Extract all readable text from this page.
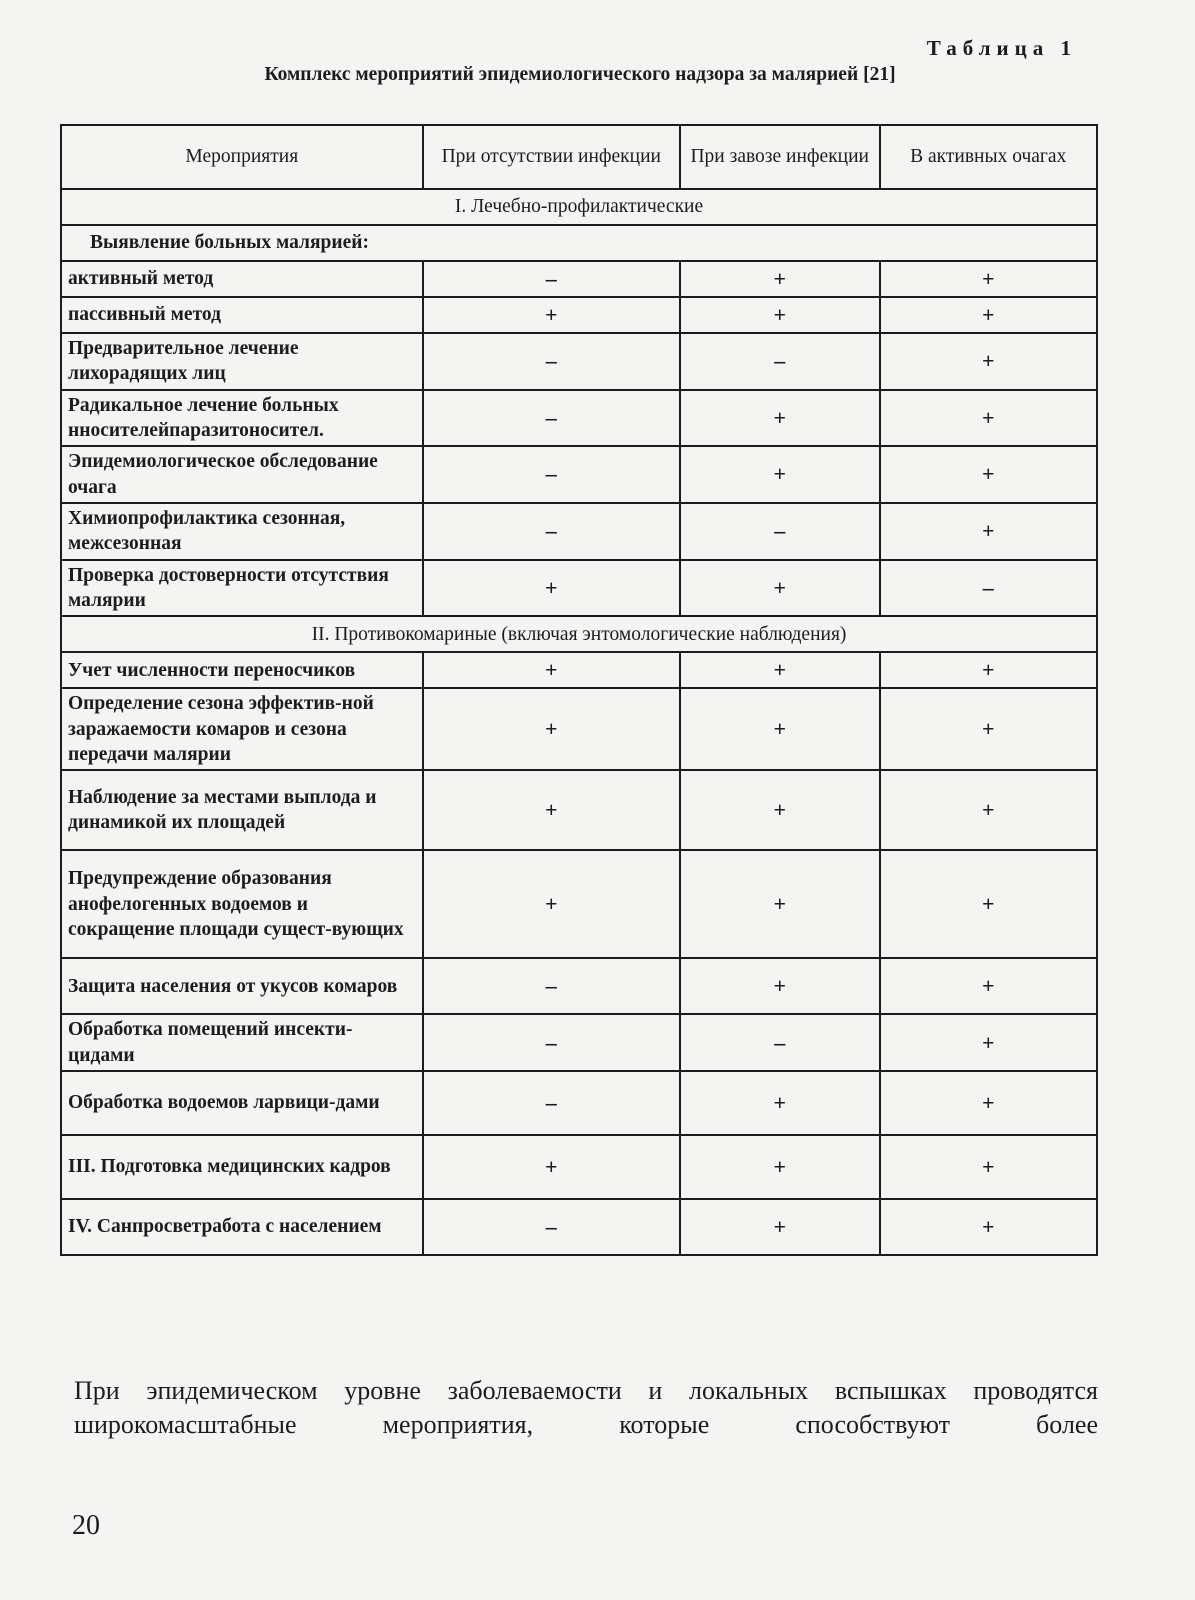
Таблица 1
Комплекс мероприятий эпидемиологического надзора за малярией [21]
Мероприятия	При отсутствии инфекции	При завозе инфекции	В активных очагах
I. Лечебно-профилактические			
Выявление больных малярией:			
активный метод	–	+	+
пассивный метод	+	+	+
Предварительное лечение лихорадящих лиц	–	–	+
Радикальное лечение больных нносителейпаразитоносител.	–	+	+
Эпидемиологическое обследование очага	–	+	+
Химиопрофилактика сезонная, межсезонная	–	–	+
Проверка достоверности отсутствия малярии	+	+	–
II. Противокомариные (включая энтомологические наблюдения)			
Учет численности переносчиков	+	+	+
Определение сезона эффектив-ной заражаемости комаров и сезона передачи малярии	+	+	+
Наблюдение за местами выплода и динамикой их площадей	+	+	+
Предупреждение образования анофелогенных водоемов и сокращение площади сущест-вующих	+	+	+
Защита населения от укусов комаров	–	+	+
Обработка помещений инсекти-цидами	–	–	+
Обработка водоемов ларвици-дами	–	+	+
III. Подготовка медицинских кадров	+	+	+
IV. Санпросветработа с населением	–	+	+
При эпидемическом уровне заболеваемости и локальных вспышках проводятся широкомасштабные мероприятия, которые способствуют более
20
